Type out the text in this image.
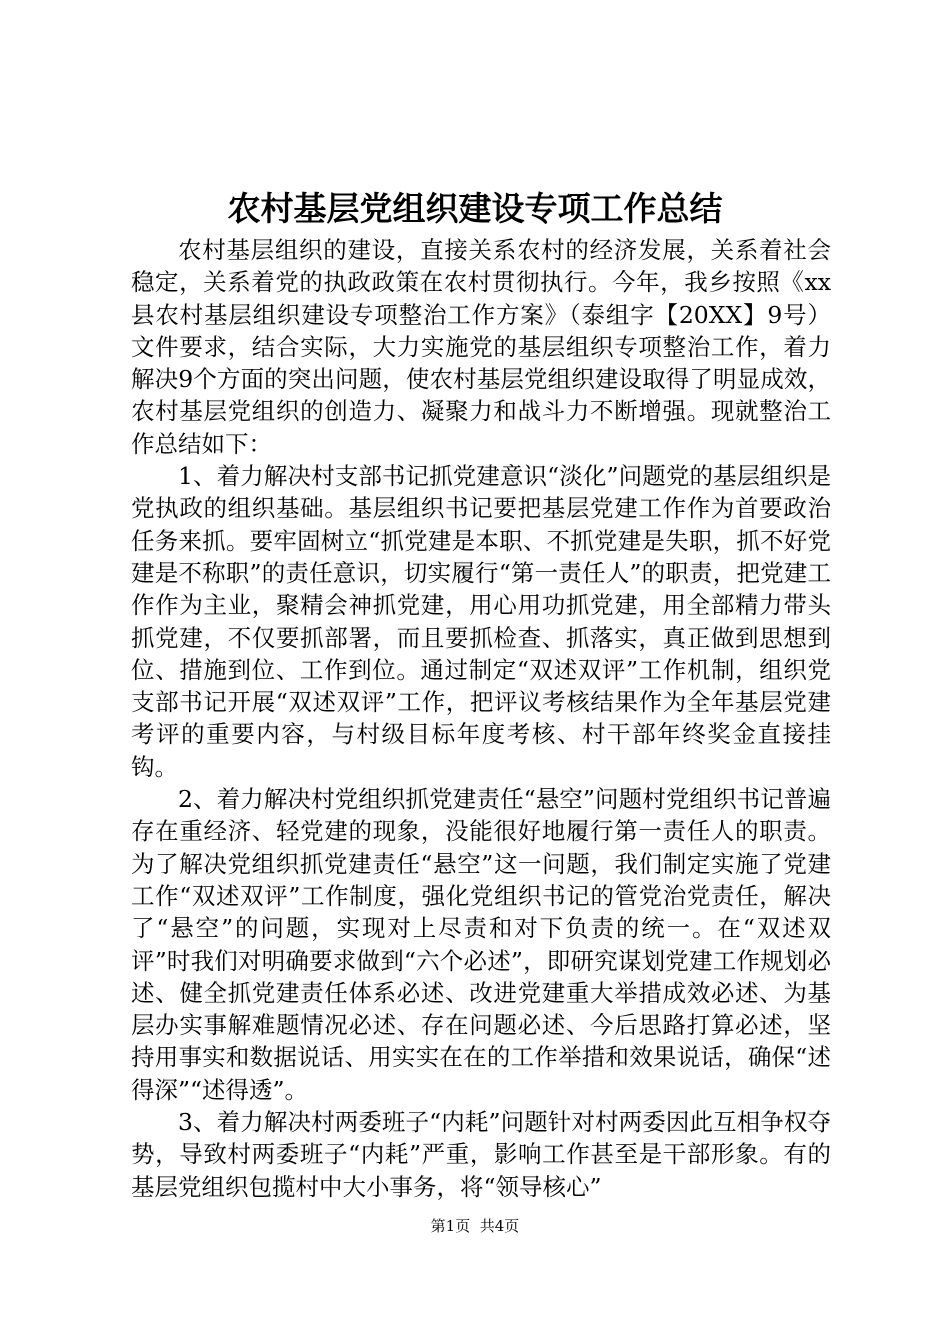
农村基层党组织建设专项工作总结

农村基层组织的建设，直接关系农村的经济发展，关系着社会稳定，关系着党的执政政策在农村贯彻执行。今年，我乡按照《xx县农村基层组织建设专项整治工作方案》（泰组字【20XX】9号）文件要求，结合实际，大力实施党的基层组织专项整治工作，着力解决9个方面的突出问题，使农村基层党组织建设取得了明显成效，农村基层党组织的创造力、凝聚力和战斗力不断增强。现就整治工作总结如下：

1、着力解决村支部书记抓党建意识“淡化”问题党的基层组织是党执政的组织基础。基层组织书记要把基层党建工作作为首要政治任务来抓。要牢固树立“抓党建是本职、不抓党建是失职，抓不好党建是不称职”的责任意识，切实履行“第一责任人”的职责，把党建工作作为主业，聚精会神抓党建，用心用功抓党建，用全部精力带头抓党建，不仅要抓部署，而且要抓检查、抓落实，真正做到思想到位、措施到位、工作到位。通过制定“双述双评”工作机制，组织党支部书记开展“双述双评”工作，把评议考核结果作为全年基层党建考评的重要内容，与村级目标年度考核、村干部年终奖金直接挂钩。

2、着力解决村党组织抓党建责任“悬空”问题村党组织书记普遍存在重经济、轻党建的现象，没能很好地履行第一责任人的职责。为了解决党组织抓党建责任“悬空”这一问题，我们制定实施了党建工作“双述双评”工作制度，强化党组织书记的管党治党责任，解决了“悬空”的问题，实现对上尽责和对下负责的统一。在“双述双评”时我们对明确要求做到“六个必述”，即研究谋划党建工作规划必述、健全抓党建责任体系必述、改进党建重大举措成效必述、为基层办实事解难题情况必述、存在问题必述、今后思路打算必述，坚持用事实和数据说话、用实实在在的工作举措和效果说话，确保“述得深”“述得透”。

3、着力解决村两委班子“内耗”问题针对村两委因此互相争权夺势，导致村两委班子“内耗”严重，影响工作甚至是干部形象。有的基层党组织包揽村中大小事务，将“领导核心”

第1页 共4页
